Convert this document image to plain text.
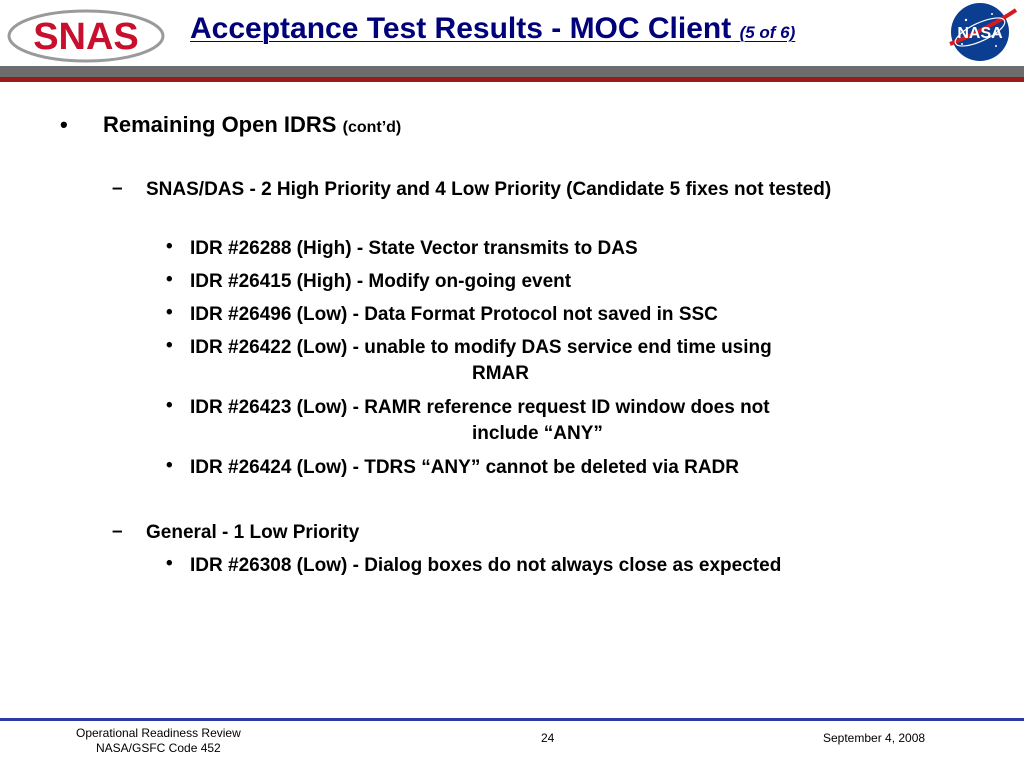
SNAS Acceptance Test Results - MOC Client (5 of 6)	NASA
• Remaining Open IDRS (cont’d)
– SNAS/DAS - 2 High Priority and 4 Low Priority (Candidate 5 fixes not tested)
• IDR #26288 (High) - State Vector transmits to DAS
• IDR #26415 (High) - Modify on-going event
• IDR #26496 (Low) - Data Format Protocol not saved in SSC
• IDR #26422 (Low) - unable to modify DAS service end time using
RMAR
• IDR #26423 (Low) - RAMR reference request ID window does not
include “ANY”
• IDR #26424 (Low) - TDRS “ANY” cannot be deleted via RADR
– General - 1 Low Priority
• IDR #26308 (Low) - Dialog boxes do not always close as expected
Operational Readiness Review
NASA/GSFC Code 452
24	September 4, 2008
